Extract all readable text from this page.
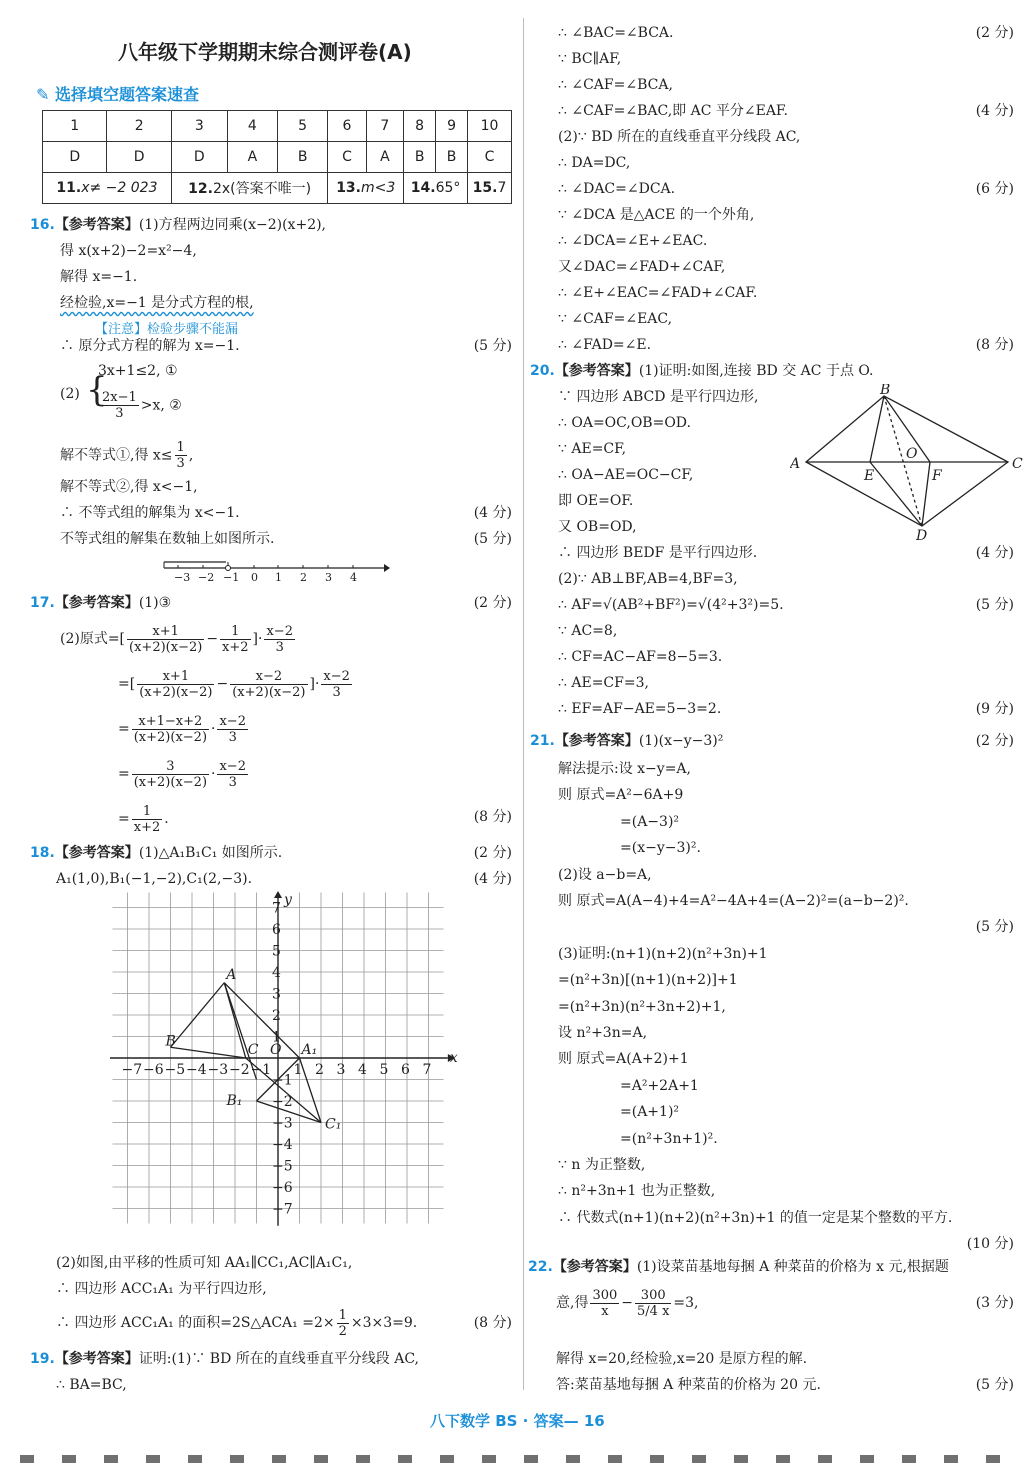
八年级下学期期末综合测评卷(A)
✎ 选择填空题答案速查
1	2	3	4	5	6	7	8	9	10
D	D	D	A	B	C	A	B	B	C
11.x≠ −2 023		12.2x(答案不唯一)			13.m<3		14.65°		15.7
16.【参考答案】(1)方程两边同乘(x−2)(x+2),
得 x(x+2)−2=x²−4,
解得 x=−1.
经检验,x=−1 是分式方程的根,
【注意】检验步骤不能漏
∴ 原分式方程的解为 x=−1.	(5 分)
(2) {
3x+1≤2, ①
$\frac{2x-1}{3} >x$, ②
解不等式①,得 $x\le \frac{1}{3}$ ,
解不等式②,得 x<−1,
∴ 不等式组的解集为 x<−1.	(4 分)
不等式组的解集在数轴上如图所示.	(5 分)
−3 −2 −1 0 1 2 3 4
17.【参考答案】(1)③	(2 分)
(2)原式=[ $\frac{x+1}{(x+2)(x-2)} - \frac{1}{x+2}$ ]· $\frac{x-2}{3}$
=[ $\frac{x+1}{(x+2)(x-2)} - \frac{x-2}{(x+2)(x-2)}$ ]· $\frac{x-2}{3}$
= $\frac{x+1-x+2}{(x+2)(x-2)} \cdot \frac{x-2}{3}$
= $\frac{3}{(x+2)(x-2)} \cdot \frac{x-2}{3}$
= $\frac{1}{x+2}$ .	(8 分)
18.【参考答案】(1)△A₁B₁C₁ 如图所示.	(2 分)
A₁(1,0),B₁(−1,−2),C₁(2,−3).	(4 分)
−7 −6 −5 −4 −3 −2 −1 1 2 3 4 5 6 7
7
6
5
4
3
2
1
−1
−2
−3
−4
−5
−6
−7
x
y
O
A
B
C	A₁
B₁
C₁
(2)如图,由平移的性质可知 AA₁∥CC₁,AC∥A₁C₁,
∴ 四边形 ACC₁A₁ 为平行四边形,
∴ 四边形 ACC₁A₁ 的面积=2S△ACA₁ $=2\times \frac{1}{2} \times 3\times 3=9$.	(8 分)
19.【参考答案】证明:(1)∵ BD 所在的直线垂直平分线段 AC,
∴ BA=BC,
∴ ∠BAC=∠BCA.	(2 分)
∵ BC∥AF,
∴ ∠CAF=∠BCA,
∴ ∠CAF=∠BAC,即 AC 平分∠EAF.	(4 分)
(2)∵ BD 所在的直线垂直平分线段 AC,
∴ DA=DC,
∴ ∠DAC=∠DCA.	(6 分)
∵ ∠DCA 是△ACE 的一个外角,
∴ ∠DCA=∠E+∠EAC.
又∠DAC=∠FAD+∠CAF,
∴ ∠E+∠EAC=∠FAD+∠CAF.
∵ ∠CAF=∠EAC,
∴ ∠FAD=∠E.	(8 分)
20.【参考答案】(1)证明:如图,连接 BD 交 AC 于点 O.
∵ 四边形 ABCD 是平行四边形,
∴ OA=OC,OB=OD.
∵ AE=CF,
∴ OA−AE=OC−CF,
即 OE=OF.
又 OB=OD,
∴ 四边形 BEDF 是平行四边形.	(4 分)
(2)∵ AB⊥BF,AB=4,BF=3,
∴ AF=√(AB²+BF²)=√(4²+3²)=5.	(5 分)
∵ AC=8,
∴ CF=AC−AF=8−5=3.
∴ AE=CF=3,
∴ EF=AF−AE=5−3=2.	(9 分)
A
B
C
D
E	F
O
21.【参考答案】(1)(x−y−3)²	(2 分)
解法提示:设 x−y=A,
则 原式=A²−6A+9
=(A−3)²
=(x−y−3)².
(2)设 a−b=A,
则 原式=A(A−4)+4=A²−4A+4=(A−2)²=(a−b−2)².
(5 分)
(3)证明:(n+1)(n+2)(n²+3n)+1
=(n²+3n)[(n+1)(n+2)]+1
=(n²+3n)(n²+3n+2)+1,
设 n²+3n=A,
则 原式=A(A+2)+1
=A²+2A+1
=(A+1)²
=(n²+3n+1)².
∵ n 为正整数,
∴ n²+3n+1 也为正整数,
∴ 代数式(n+1)(n+2)(n²+3n)+1 的值一定是某个整数的平方.
(10 分)
22.【参考答案】(1)设菜苗基地每捆 A 种菜苗的价格为 x 元,根据题
意,得 $\frac{300}{x} - \frac{300}{5/4 x} =3$,	(3 分)
解得 x=20,经检验,x=20 是原方程的解.
答:菜苗基地每捆 A 种菜苗的价格为 20 元.	(5 分)
八下数学 BS · 答案— 16
